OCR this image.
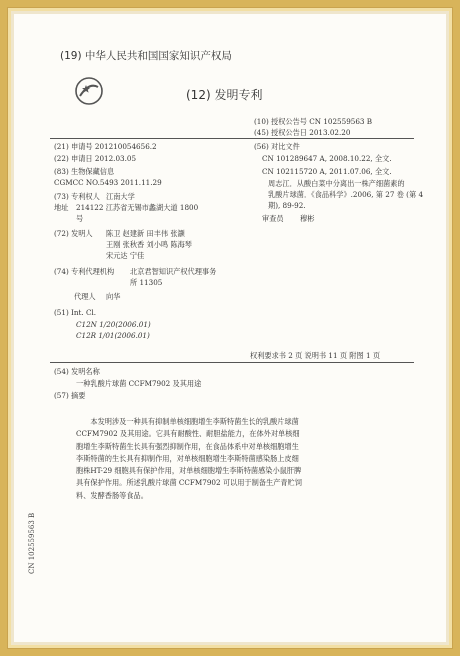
(19) 中华人民共和国国家知识产权局
(12) 发明专利
(10) 授权公告号 CN 102559563 B
(45) 授权公告日 2013.02.20
(21) 申请号 201210054656.2
(22) 申请日 2012.03.05
(83) 生物保藏信息
CGMCC NO.5493 2011.11.29
(73) 专利权人 江南大学
地址 214122 江苏省无锡市蠡湖大道 1800
号
(72) 发明人 陈卫 赵建新 田丰伟 张灏
王刚 张秋香 刘小鸣 陈海琴
宋元达 宁佳
(74) 专利代理机构 北京君智知识产权代理事务
所 11305
代理人 向华
(51) Int. Cl.
C12N 1/20(2006.01)
C12R 1/01(2006.01)
(56) 对比文件
CN 101289647 A, 2008.10.22, 全文.
CN 102115720 A, 2011.07.06, 全文.
周志江．从酸白菜中分离出一株产细菌素的
乳酸片球菌．《食品科学》.2006, 第 27 卷 (第 4
期), 89-92.
审查员 穆彬
权利要求书 2 页 说明书 11 页 附图 1 页
(54) 发明名称
一种乳酸片球菌 CCFM7902 及其用途
(57) 摘要
本发明涉及一种具有抑制单核细胞增生李斯特菌生长的乳酸片球菌 CCFM7902 及其用途。它具有耐酸性、耐胆盐能力，在体外对单核细胞增生李斯特菌生长具有强烈抑制作用，在食品体系中对单核细胞增生李斯特菌的生长具有抑制作用，对单核细胞增生李斯特菌感染肠上皮细胞株HT-29 细胞具有保护作用，对单核细胞增生李斯特菌感染小鼠肝脾具有保护作用。所述乳酸片球菌 CCFM7902 可以用于制备生产青贮饲料、发酵香肠等食品。
CN 102559563 B
